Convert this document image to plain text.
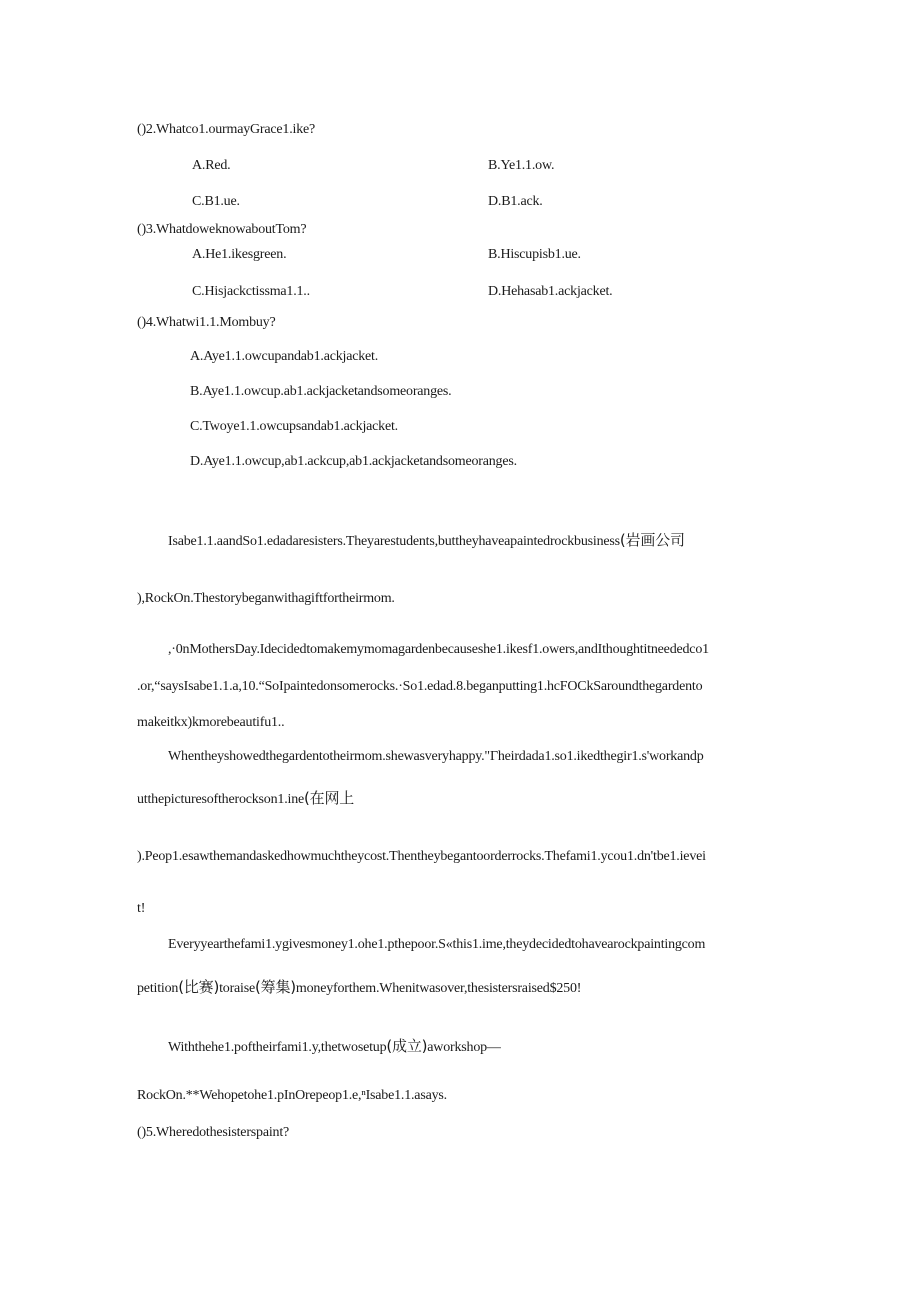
()2.Whatco1.ourmayGrace1.ike?
A.Red.	B.Ye1.1.ow.
C.B1.ue.	D.B1.ack.
()3.WhatdoweknowaboutTom?
A.He1.ikesgreen.	B.Hiscupisb1.ue.
C.Hisjackctissma1.1..	D.Hehasab1.ackjacket.
()4.Whatwi1.1.Mombuy?
A.Aye1.1.owcupandab1.ackjacket.
B.Aye1.1.owcup.ab1.ackjacketandsomeoranges.
C.Twoye1.1.owcupsandab1.ackjacket.
D.Aye1.1.owcup,ab1.ackcup,ab1.ackjacketandsomeoranges.
Isabe1.1.aandSo1.edadaresisters.Theyarestudents,buttheyhaveapaintedrockbusiness(岩画公司
),RockOn.Thestorybeganwithagiftfortheirmom.
,·0nMothersDay.Idecidedtomakemymomagardenbecauseshe1.ikesf1.owers,andIthoughtitneededco1
.or,“saysIsabe1.1.a,10.“SoIpaintedonsomerocks.·So1.edad.8.beganputting1.hcFOCkSaroundthegardento
makeitkx)kmorebeautifu1..
Whentheyshowedthegardentotheirmom.shewasveryhappy."Γheirdada1.so1.ikedthegir1.s'workandp
utthepicturesoftherockson1.ine(在网上
).Peop1.esawthemandaskedhowmuchtheycost.Thentheybegantoorderrocks.Thefami1.ycou1.dn'tbe1.ievei
t!
Everyyearthefami1.ygivesmoney1.ohe1.pthepoor.S«this1.ime,theydecidedtohavearockpaintingcom
petition(比赛)toraise(筹集)moneyforthem.Whenitwasover,thesistersraised$250!
Withthehe1.poftheirfami1.y,thetwosetup(成立)aworkshop—
RockOn.**Wehopetohe1.pInOrepeop1.e,ⁿIsabe1.1.asays.
()5.Wheredothesisterspaint?
